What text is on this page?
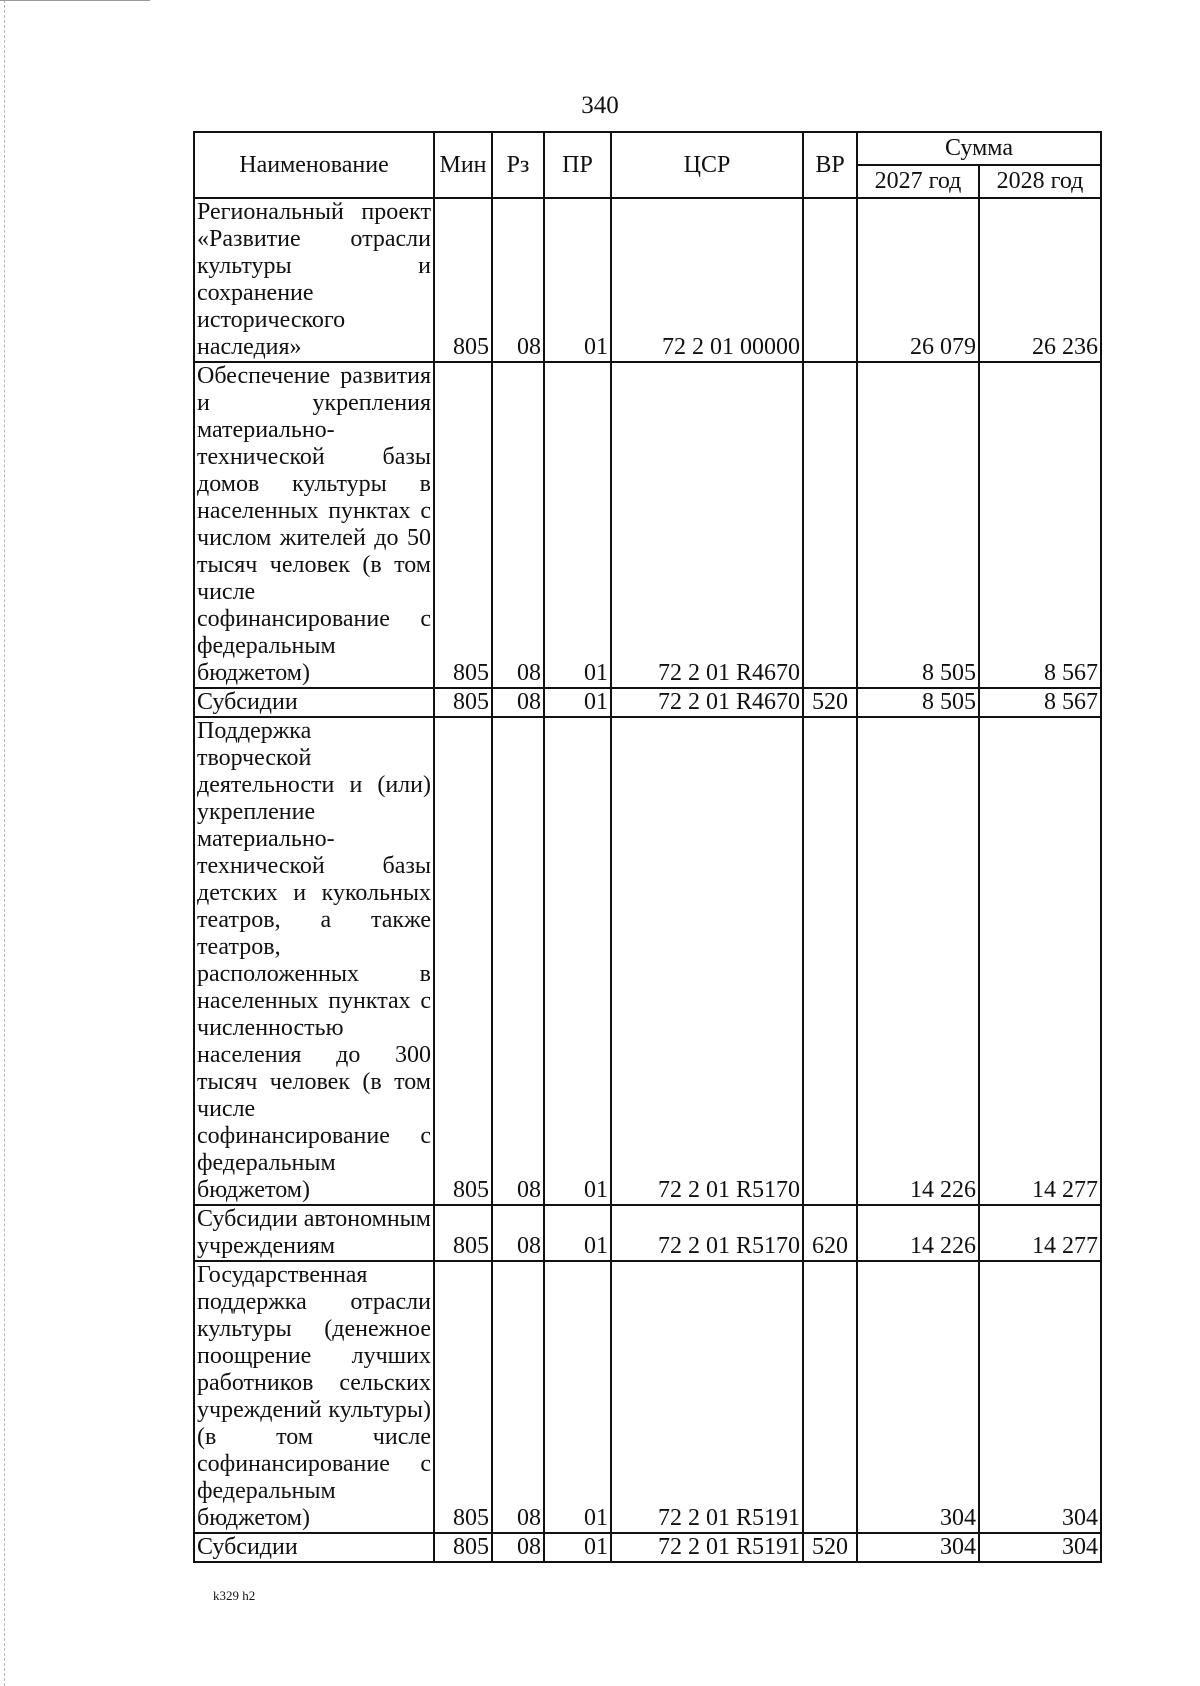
340
Наименование	Мин	Рз	ПР	ЦСР	ВР	Сумма	
						2027 год	2028 год
Региональный проект «Развитие отрасли культуры и сохранение исторического наследия»	805	08	01	72 2 01 00000		26 079	26 236
Обеспечение развития и укрепления материально-технической базы домов культуры в населенных пунктах с числом жителей до 50 тысяч человек (в том числе софинансирование с федеральным бюджетом)	805	08	01	72 2 01 R4670		8 505	8 567
Субсидии	805	08	01	72 2 01 R4670	520	8 505	8 567
Поддержка творческой деятельности и (или) укрепление материально-технической базы детских и кукольных театров, а также театров, расположенных в населенных пунктах с численностью населения до 300 тысяч человек (в том числе софинансирование с федеральным бюджетом)	805	08	01	72 2 01 R5170		14 226	14 277
Субсидии автономным учреждениям	805	08	01	72 2 01 R5170	620	14 226	14 277
Государственная поддержка отрасли культуры (денежное поощрение лучших работников сельских учреждений культуры) (в том числе софинансирование с федеральным бюджетом)	805	08	01	72 2 01 R5191		304	304
Субсидии	805	08	01	72 2 01 R5191	520	304	304
k329 h2
